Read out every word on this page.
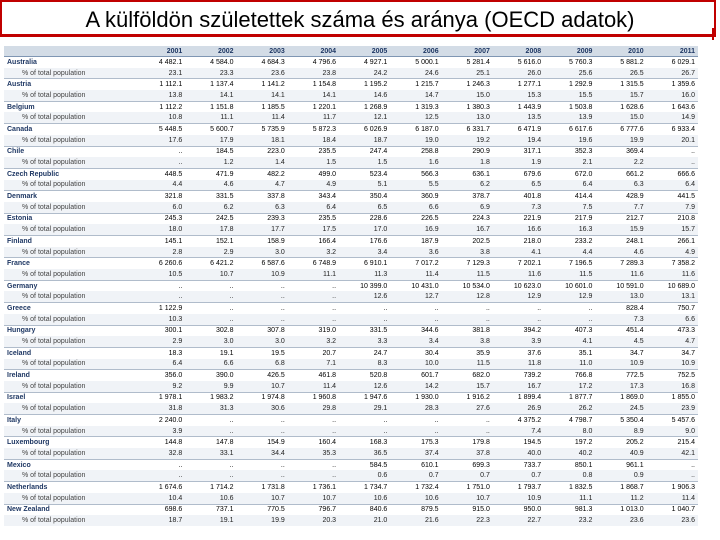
A külföldön születettek száma és aránya (OECD adatok)
	2001	2002	2003	2004	2005	2006	2007	2008	2009	2010	2011
Australia	4 482.1	4 584.0	4 684.3	4 796.6	4 927.1	5 000.1	5 281.4	5 616.0	5 760.3	5 881.2	6 029.1
% of total population	23.1	23.3	23.6	23.8	24.2	24.6	25.1	26.0	25.6	26.5	26.7
Austria	1 112.1	1 137.4	1 141.2	1 154.8	1 195.2	1 215.7	1 246.3	1 277.1	1 292.9	1 315.5	1 359.6
% of total population	13.8	14.1	14.1	14.1	14.6	14.7	15.0	15.3	15.5	15.7	16.0
Belgium	1 112.2	1 151.8	1 185.5	1 220.1	1 268.9	1 319.3	1 380.3	1 443.9	1 503.8	1 628.6	1 643.6
% of total population	10.8	11.1	11.4	11.7	12.1	12.5	13.0	13.5	13.9	15.0	14.9
Canada	5 448.5	5 600.7	5 735.9	5 872.3	6 026.9	6 187.0	6 331.7	6 471.9	6 617.6	6 777.6	6 933.4
% of total population	17.6	17.9	18.1	18.4	18.7	19.0	19.2	19.4	19.6	19.9	20.1
Chile	..	184.5	223.0	235.5	247.4	258.8	290.9	317.1	352.3	369.4	..
% of total population	..	1.2	1.4	1.5	1.5	1.6	1.8	1.9	2.1	2.2	..
Czech Republic	448.5	471.9	482.2	499.0	523.4	566.3	636.1	679.6	672.0	661.2	666.6
% of total population	4.4	4.6	4.7	4.9	5.1	5.5	6.2	6.5	6.4	6.3	6.4
Denmark	321.8	331.5	337.8	343.4	350.4	360.9	378.7	401.8	414.4	428.9	441.5
% of total population	6.0	6.2	6.3	6.4	6.5	6.6	6.9	7.3	7.5	7.7	7.9
Estonia	245.3	242.5	239.3	235.5	228.6	226.5	224.3	221.9	217.9	212.7	210.8
% of total population	18.0	17.8	17.7	17.5	17.0	16.9	16.7	16.6	16.3	15.9	15.7
Finland	145.1	152.1	158.9	166.4	176.6	187.9	202.5	218.0	233.2	248.1	266.1
% of total population	2.8	2.9	3.0	3.2	3.4	3.6	3.8	4.1	4.4	4.6	4.9
France	6 260.6	6 421.2	6 587.6	6 748.9	6 910.1	7 017.2	7 129.3	7 202.1	7 196.5	7 289.3	7 358.2
% of total population	10.5	10.7	10.9	11.1	11.3	11.4	11.5	11.6	11.5	11.6	11.6
Germany	..	..	..	..	10 399.0	10 431.0	10 534.0	10 623.0	10 601.0	10 591.0	10 689.0
% of total population	..	..	..	..	12.6	12.7	12.8	12.9	12.9	13.0	13.1
Greece	1 122.9	..	..	..	..	..	..	..	..	828.4	750.7
% of total population	10.3	..	..	..	..	..	..	..	..	7.3	6.6
Hungary	300.1	302.8	307.8	319.0	331.5	344.6	381.8	394.2	407.3	451.4	473.3
% of total population	2.9	3.0	3.0	3.2	3.3	3.4	3.8	3.9	4.1	4.5	4.7
Iceland	18.3	19.1	19.5	20.7	24.7	30.4	35.9	37.6	35.1	34.7	34.7
% of total population	6.4	6.6	6.8	7.1	8.3	10.0	11.5	11.8	11.0	10.9	10.9
Ireland	356.0	390.0	426.5	461.8	520.8	601.7	682.0	739.2	766.8	772.5	752.5
% of total population	9.2	9.9	10.7	11.4	12.6	14.2	15.7	16.7	17.2	17.3	16.8
Israel	1 978.1	1 983.2	1 974.8	1 960.8	1 947.6	1 930.0	1 916.2	1 899.4	1 877.7	1 869.0	1 855.0
% of total population	31.8	31.3	30.6	29.8	29.1	28.3	27.6	26.9	26.2	24.5	23.9
Italy	2 240.0	..	..	..	..	..	..	4 375.2	4 798.7	5 350.4	5 457.6
% of total population	3.9	..	..	..	..	..	..	7.4	8.0	8.9	9.0
Luxembourg	144.8	147.8	154.9	160.4	168.3	175.3	179.8	194.5	197.2	205.2	215.4
% of total population	32.8	33.1	34.4	35.3	36.5	37.4	37.8	40.0	40.2	40.9	42.1
Mexico	..	..	..	..	584.5	610.1	699.3	733.7	850.1	961.1	..
% of total population	..	..	..	..	0.6	0.7	0.7	0.7	0.8	0.9	..
Netherlands	1 674.6	1 714.2	1 731.8	1 736.1	1 734.7	1 732.4	1 751.0	1 793.7	1 832.5	1 868.7	1 906.3
% of total population	10.4	10.6	10.7	10.7	10.6	10.6	10.7	10.9	11.1	11.2	11.4
New Zealand	698.6	737.1	770.5	796.7	840.6	879.5	915.0	950.0	981.3	1 013.0	1 040.7
% of total population	18.7	19.1	19.9	20.3	21.0	21.6	22.3	22.7	23.2	23.6	23.6
